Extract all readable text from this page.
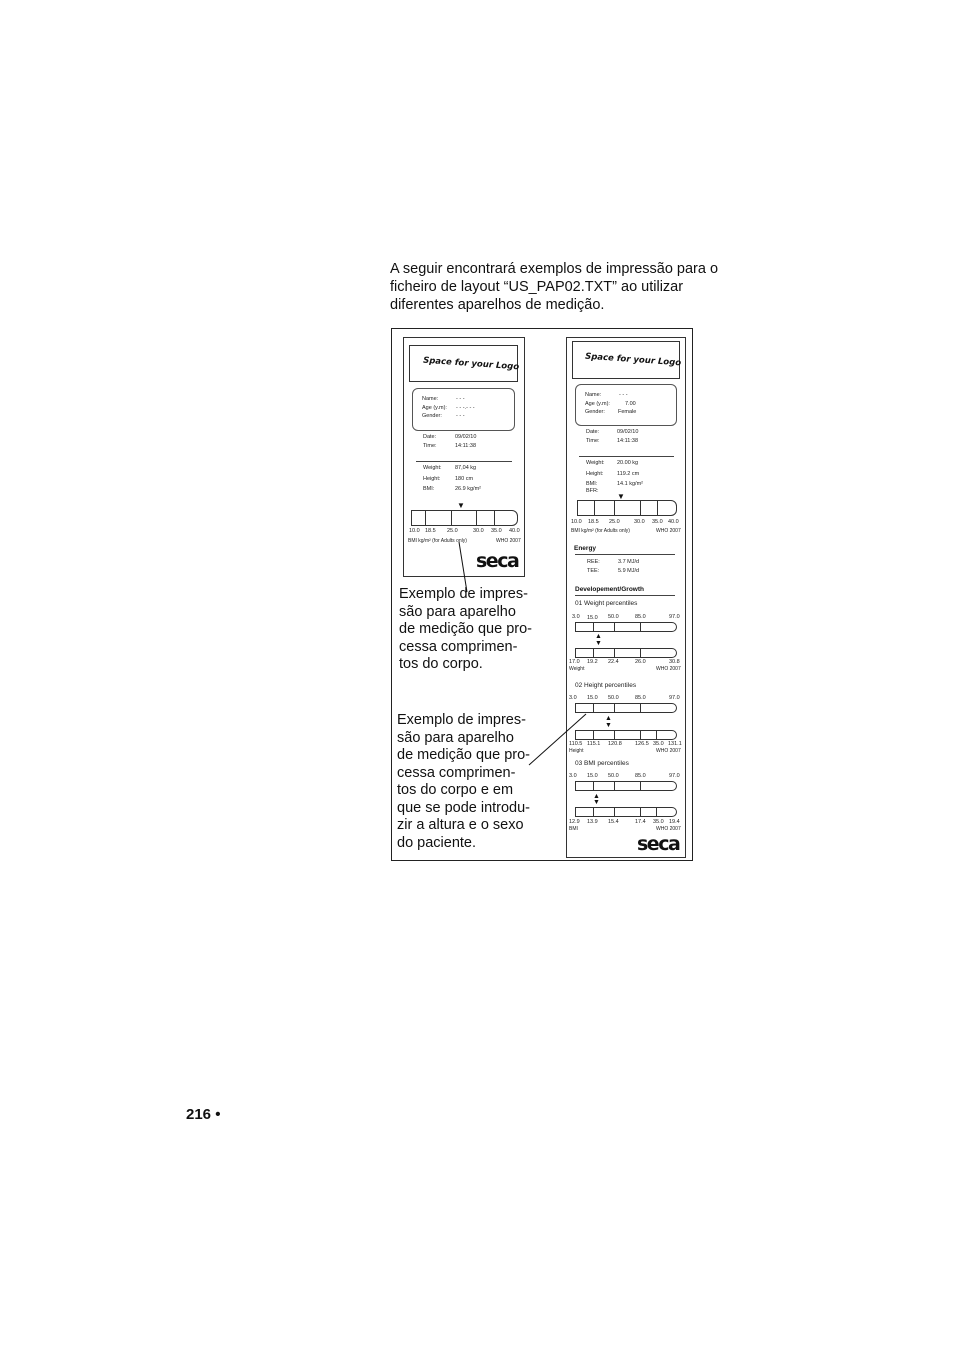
A seguir encontrará exemplos de impressão para o
ficheiro de layout “US_PAP02.TXT” ao utilizar
diferentes aparelhos de medição.
Space for your Logo
Name:	- - -
Age (y.m): - - -.- - -
Gender:	- - -
Date:	09/02/10
Time:	14:11:38
Weight: 87,04 kg
Height:	180 cm
BMI:	26.9 kg/m²
▼
10.0 18.5 25.0	30.0 35.0 40.0
BMI kg/m² (for Adults only)	WHO 2007
seca
Space for your Logo
Name:	- - -
Age (y.m):	7.00
Gender: Female
Date:	09/02/10
Time:	14:11:38
Weight: 20.00 kg
Height: 119.2 cm
BMI:	14.1 kg/m²
BFR:
▼
10.0 18.5 25.0	30.0 35.0 40.0
BMI kg/m² (for Adults only)	WHO 2007
Energy
REE:	3.7 MJ/d
TEE:	5.9 MJ/d
Developement/Growth
01 Weight percentiles
3.0 15.0 50.0	85.0	97.0
▲
▼
17.0 19.2 22.4	26.0	30.8
Weight	WHO 2007
02 Height percentiles
3.0 15.0 50.0	85.0	97.0
▲
▼
110.5 115.1 120.8 126.5 35.0 131.1
Height	WHO 2007
03 BMI percentiles
3.0 15.0 50.0	85.0	97.0
▲
▼
12.9 13.9 15.4	17.4 35.0 19.4
BMI	WHO 2007
seca
Exemplo de impres-
são para aparelho
de medição que pro-
cessa comprimen-
tos do corpo.
Exemplo de impres-
são para aparelho
de medição que pro-
cessa comprimen-
tos do corpo e em
que se pode introdu-
zir a altura e o sexo
do paciente.
216 •
